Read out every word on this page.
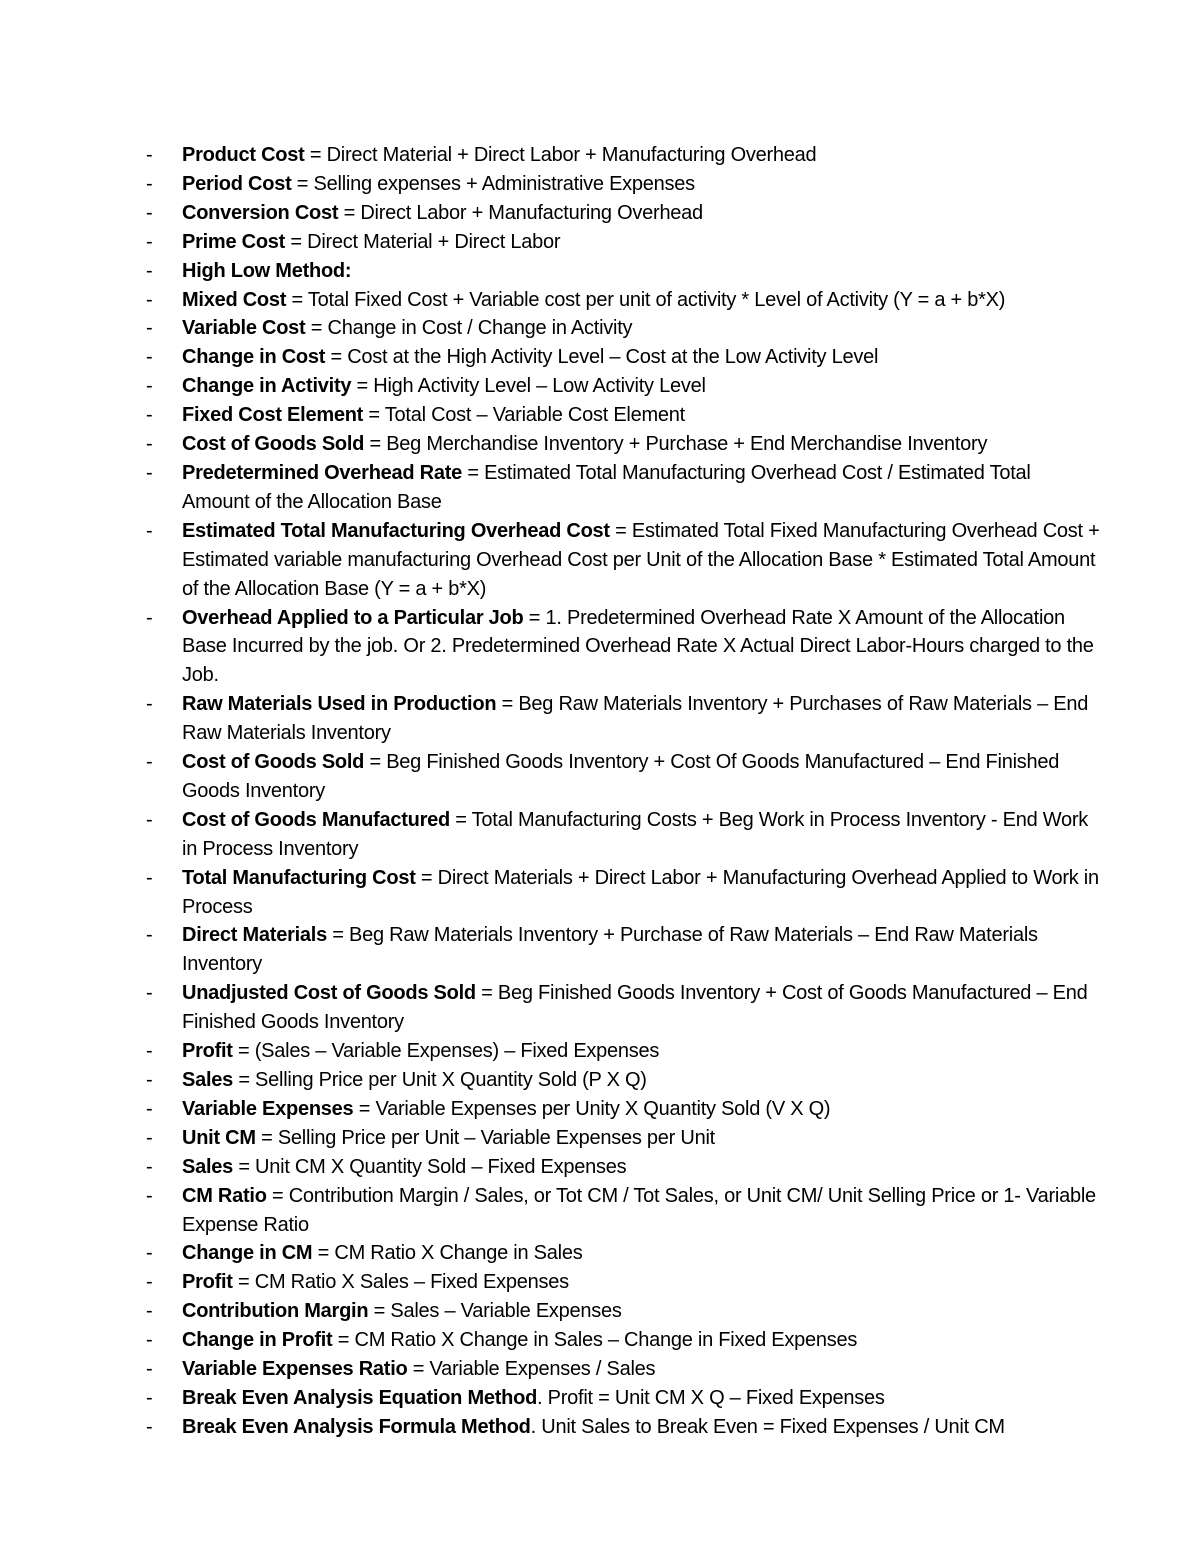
- Product Cost = Direct Material + Direct Labor + Manufacturing Overhead
- Period Cost = Selling expenses + Administrative Expenses
- Conversion Cost = Direct Labor + Manufacturing Overhead
- Prime Cost = Direct Material + Direct Labor
- High Low Method:
- Mixed Cost = Total Fixed Cost + Variable cost per unit of activity * Level of Activity (Y = a + b*X)
- Variable Cost = Change in Cost / Change in Activity
- Change in Cost = Cost at the High Activity Level – Cost at the Low Activity Level
- Change in Activity = High Activity Level – Low Activity Level
- Fixed Cost Element = Total Cost – Variable Cost Element
- Cost of Goods Sold = Beg Merchandise Inventory + Purchase + End Merchandise Inventory
- Predetermined Overhead Rate = Estimated Total Manufacturing Overhead Cost / Estimated Total Amount of the Allocation Base
- Estimated Total Manufacturing Overhead Cost = Estimated Total Fixed Manufacturing Overhead Cost + Estimated variable manufacturing Overhead Cost per Unit of the Allocation Base * Estimated Total Amount of the Allocation Base (Y = a + b*X)
- Overhead Applied to a Particular Job = 1. Predetermined Overhead Rate X Amount of the Allocation Base Incurred by the job. Or 2. Predetermined Overhead Rate X Actual Direct Labor-Hours charged to the Job.
- Raw Materials Used in Production = Beg Raw Materials Inventory + Purchases of Raw Materials – End Raw Materials Inventory
- Cost of Goods Sold = Beg Finished Goods Inventory + Cost Of Goods Manufactured – End Finished Goods Inventory
- Cost of Goods Manufactured = Total Manufacturing Costs + Beg Work in Process Inventory - End Work in Process Inventory
- Total Manufacturing Cost = Direct Materials + Direct Labor + Manufacturing Overhead Applied to Work in Process
- Direct Materials = Beg Raw Materials Inventory + Purchase of Raw Materials – End Raw Materials Inventory
- Unadjusted Cost of Goods Sold = Beg Finished Goods Inventory + Cost of Goods Manufactured – End Finished Goods Inventory
- Profit = (Sales – Variable Expenses) – Fixed Expenses
- Sales = Selling Price per Unit X Quantity Sold (P X Q)
- Variable Expenses = Variable Expenses per Unity X Quantity Sold (V X Q)
- Unit CM = Selling Price per Unit – Variable Expenses per Unit
- Sales = Unit CM X Quantity Sold – Fixed Expenses
- CM Ratio = Contribution Margin / Sales, or Tot CM / Tot Sales, or Unit CM/ Unit Selling Price or 1- Variable Expense Ratio
- Change in CM = CM Ratio X Change in Sales
- Profit = CM Ratio X Sales – Fixed Expenses
- Contribution Margin = Sales – Variable Expenses
- Change in Profit = CM Ratio X Change in Sales – Change in Fixed Expenses
- Variable Expenses Ratio = Variable Expenses / Sales
- Break Even Analysis Equation Method. Profit = Unit CM X Q – Fixed Expenses
- Break Even Analysis Formula Method. Unit Sales to Break Even = Fixed Expenses / Unit CM
